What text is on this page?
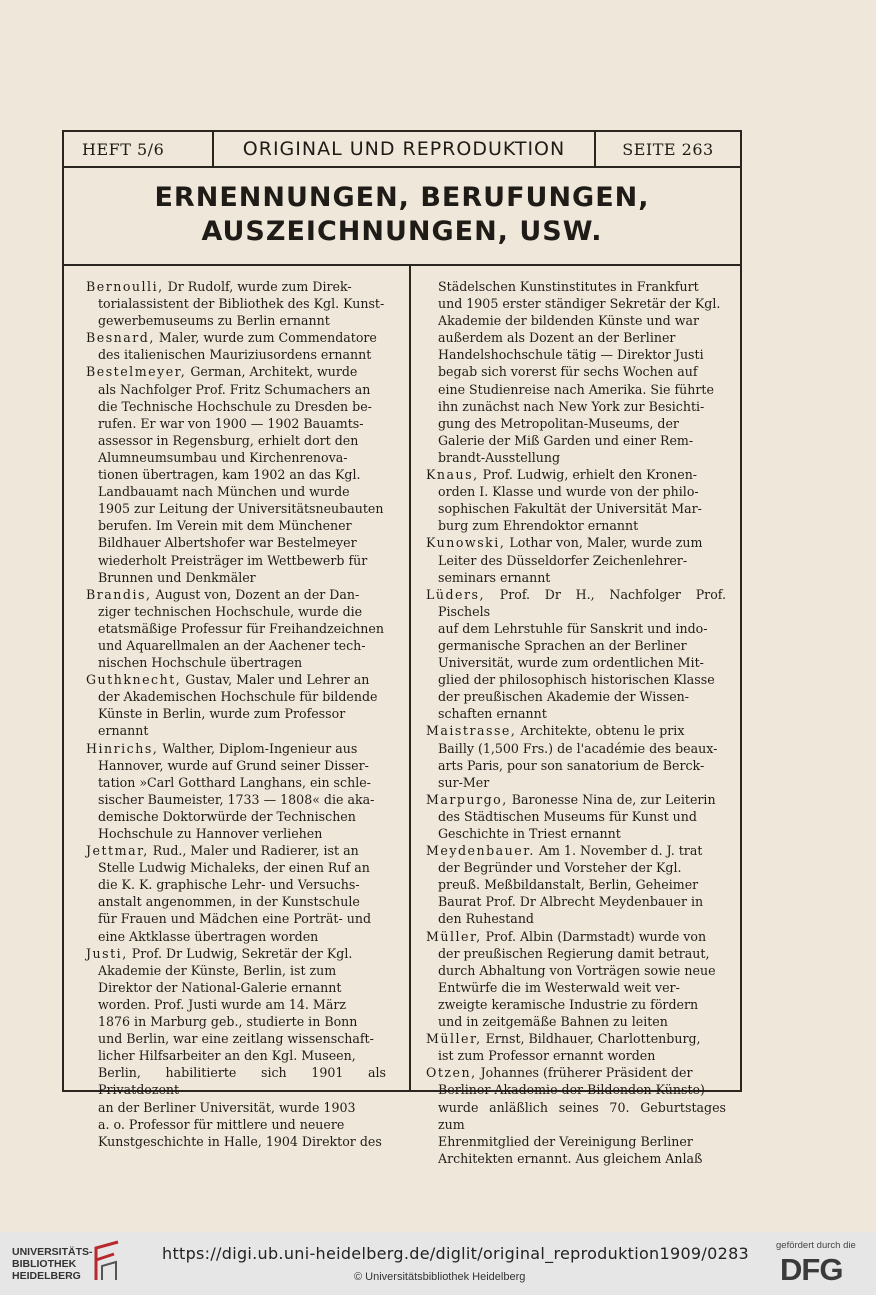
HEFT 5/6	ORIGINAL UND REPRODUKTION	SEITE 263
ERNENNUNGEN, BERUFUNGEN,
AUSZEICHNUNGEN, USW.

Bernoulli, Dr Rudolf, wurde zum Direk-

torialassistent der Bibliothek des Kgl. Kunst-

gewerbemuseums zu Berlin ernannt

Besnard, Maler, wurde zum Commendatore

des italienischen Mauriziusordens ernannt

Bestelmeyer, German, Architekt, wurde

als Nachfolger Prof. Fritz Schumachers an

die Technische Hochschule zu Dresden be-

rufen. Er war von 1900 — 1902 Bauamts-

assessor in Regensburg, erhielt dort den

Alumneumsumbau und Kirchenrenova-

tionen übertragen, kam 1902 an das Kgl.

Landbauamt nach München und wurde

1905 zur Leitung der Universitätsneubauten

berufen. Im Verein mit dem Münchener

Bildhauer Albertshofer war Bestelmeyer

wiederholt Preisträger im Wettbewerb für

Brunnen und Denkmäler

Brandis, August von, Dozent an der Dan-

ziger technischen Hochschule, wurde die

etatsmäßige Professur für Freihandzeichnen

und Aquarellmalen an der Aachener tech-

nischen Hochschule übertragen

Guthknecht, Gustav, Maler und Lehrer an

der Akademischen Hochschule für bildende

Künste in Berlin, wurde zum Professor

ernannt

Hinrichs, Walther, Diplom-Ingenieur aus

Hannover, wurde auf Grund seiner Disser-

tation »Carl Gotthard Langhans, ein schle-

sischer Baumeister, 1733 — 1808« die aka-

demische Doktorwürde der Technischen

Hochschule zu Hannover verliehen

Jettmar, Rud., Maler und Radierer, ist an

Stelle Ludwig Michaleks, der einen Ruf an

die K. K. graphische Lehr- und Versuchs-

anstalt angenommen, in der Kunstschule

für Frauen und Mädchen eine Porträt- und

eine Aktklasse übertragen worden

Justi, Prof. Dr Ludwig, Sekretär der Kgl.

Akademie der Künste, Berlin, ist zum

Direktor der National-Galerie ernannt

worden. Prof. Justi wurde am 14. März

1876 in Marburg geb., studierte in Bonn

und Berlin, war eine zeitlang wissenschaft-

licher Hilfsarbeiter an den Kgl. Museen,

Berlin, habilitierte sich 1901 als Privatdozent

an der Berliner Universität, wurde 1903

a. o. Professor für mittlere und neuere

Kunstgeschichte in Halle, 1904 Direktor des

Städelschen Kunstinstitutes in Frankfurt

und 1905 erster ständiger Sekretär der Kgl.

Akademie der bildenden Künste und war

außerdem als Dozent an der Berliner

Handelshochschule tätig — Direktor Justi

begab sich vorerst für sechs Wochen auf

eine Studienreise nach Amerika. Sie führte

ihn zunächst nach New York zur Besichti-

gung des Metropolitan-Museums, der

Galerie der Miß Garden und einer Rem-

brandt-Ausstellung

Knaus, Prof. Ludwig, erhielt den Kronen-

orden I. Klasse und wurde von der philo-

sophischen Fakultät der Universität Mar-

burg zum Ehrendoktor ernannt

Kunowski, Lothar von, Maler, wurde zum

Leiter des Düsseldorfer Zeichenlehrer-

seminars ernannt

Lüders, Prof. Dr H., Nachfolger Prof. Pischels

auf dem Lehrstuhle für Sanskrit und indo-

germanische Sprachen an der Berliner

Universität, wurde zum ordentlichen Mit-

glied der philosophisch historischen Klasse

der preußischen Akademie der Wissen-

schaften ernannt

Maistrasse, Architekte, obtenu le prix

Bailly (1,500 Frs.) de l'académie des beaux-

arts Paris, pour son sanatorium de Berck-

sur-Mer

Marpurgo, Baronesse Nina de, zur Leiterin

des Städtischen Museums für Kunst und

Geschichte in Triest ernannt

Meydenbauer. Am 1. November d. J. trat

der Begründer und Vorsteher der Kgl.

preuß. Meßbildanstalt, Berlin, Geheimer

Baurat Prof. Dr Albrecht Meydenbauer in

den Ruhestand

Müller, Prof. Albin (Darmstadt) wurde von

der preußischen Regierung damit betraut,

durch Abhaltung von Vorträgen sowie neue

Entwürfe die im Westerwald weit ver-

zweigte keramische Industrie zu fördern

und in zeitgemäße Bahnen zu leiten

Müller, Ernst, Bildhauer, Charlottenburg,

ist zum Professor ernannt worden

Otzen, Johannes (früherer Präsident der

Berliner Akademie der Bildenden Künste)

wurde anläßlich seines 70. Geburtstages zum

Ehrenmitglied der Vereinigung Berliner

Architekten ernannt. Aus gleichem Anlaß

UNIVERSITÄTS-
BIBLIOTHEK
HEIDELBERG
https://digi.ub.uni-heidelberg.de/diglit/original_reproduktion1909/0283
© Universitätsbibliothek Heidelberg
gefördert durch die
DFG
